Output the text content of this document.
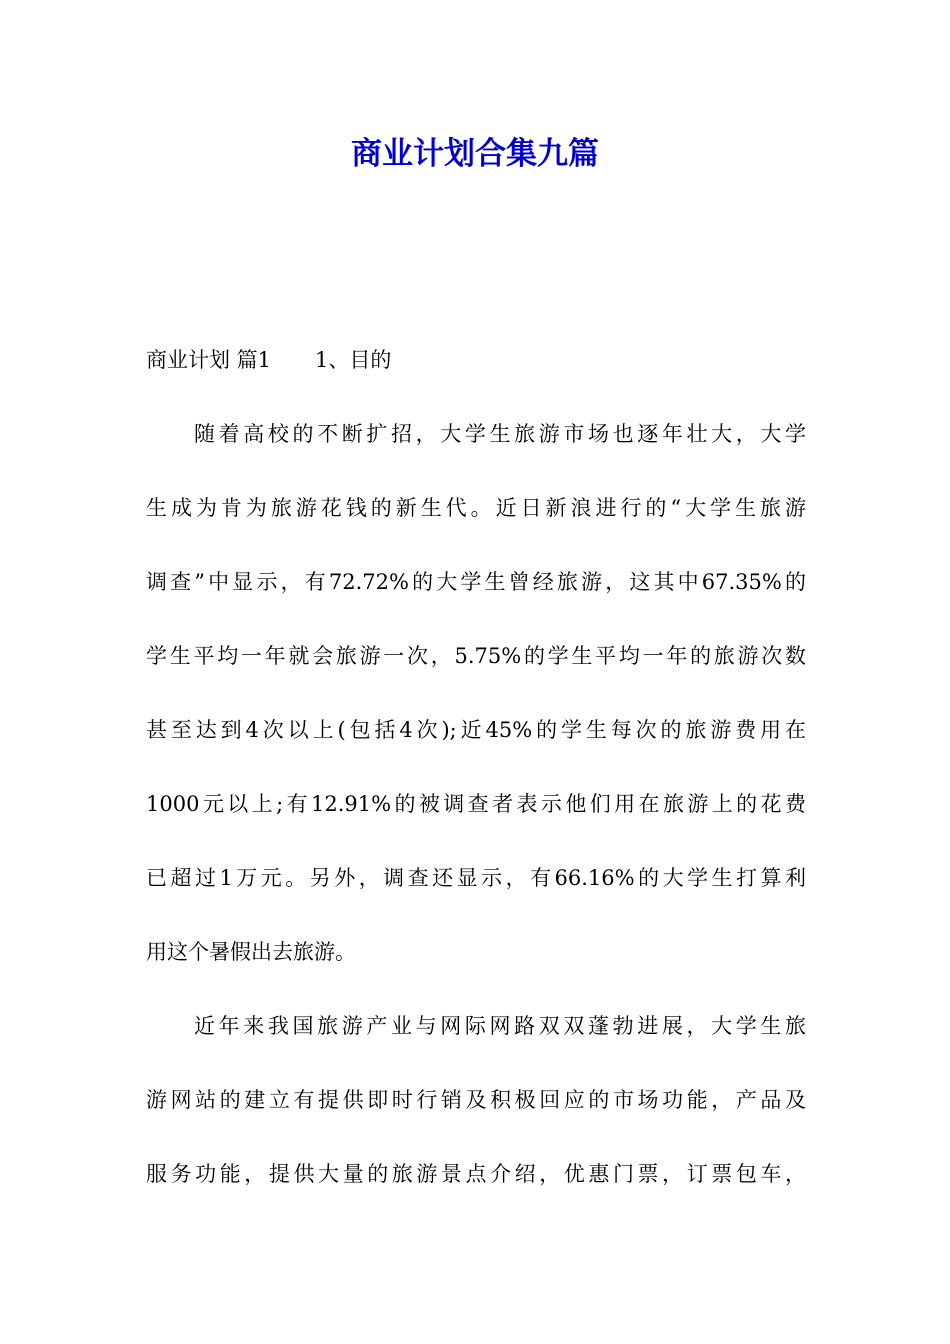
商业计划合集九篇
商业计划 篇1 1、目的
随着高校的不断扩招，大学生旅游市场也逐年壮大，大学
生成为肯为旅游花钱的新生代。近日新浪进行的“大学生旅游
调查”中显示，有72.72%的大学生曾经旅游，这其中67.35%的
学生平均一年就会旅游一次，5.75%的学生平均一年的旅游次数
甚至达到4次以上(包括4次);近45%的学生每次的旅游费用在
1000元以上;有12.91%的被调查者表示他们用在旅游上的花费
已超过1万元。另外，调查还显示，有66.16%的大学生打算利
用这个暑假出去旅游。
近年来我国旅游产业与网际网路双双蓬勃进展，大学生旅
游网站的建立有提供即时行销及积极回应的市场功能，产品及
服务功能，提供大量的旅游景点介绍，优惠门票，订票包车，
